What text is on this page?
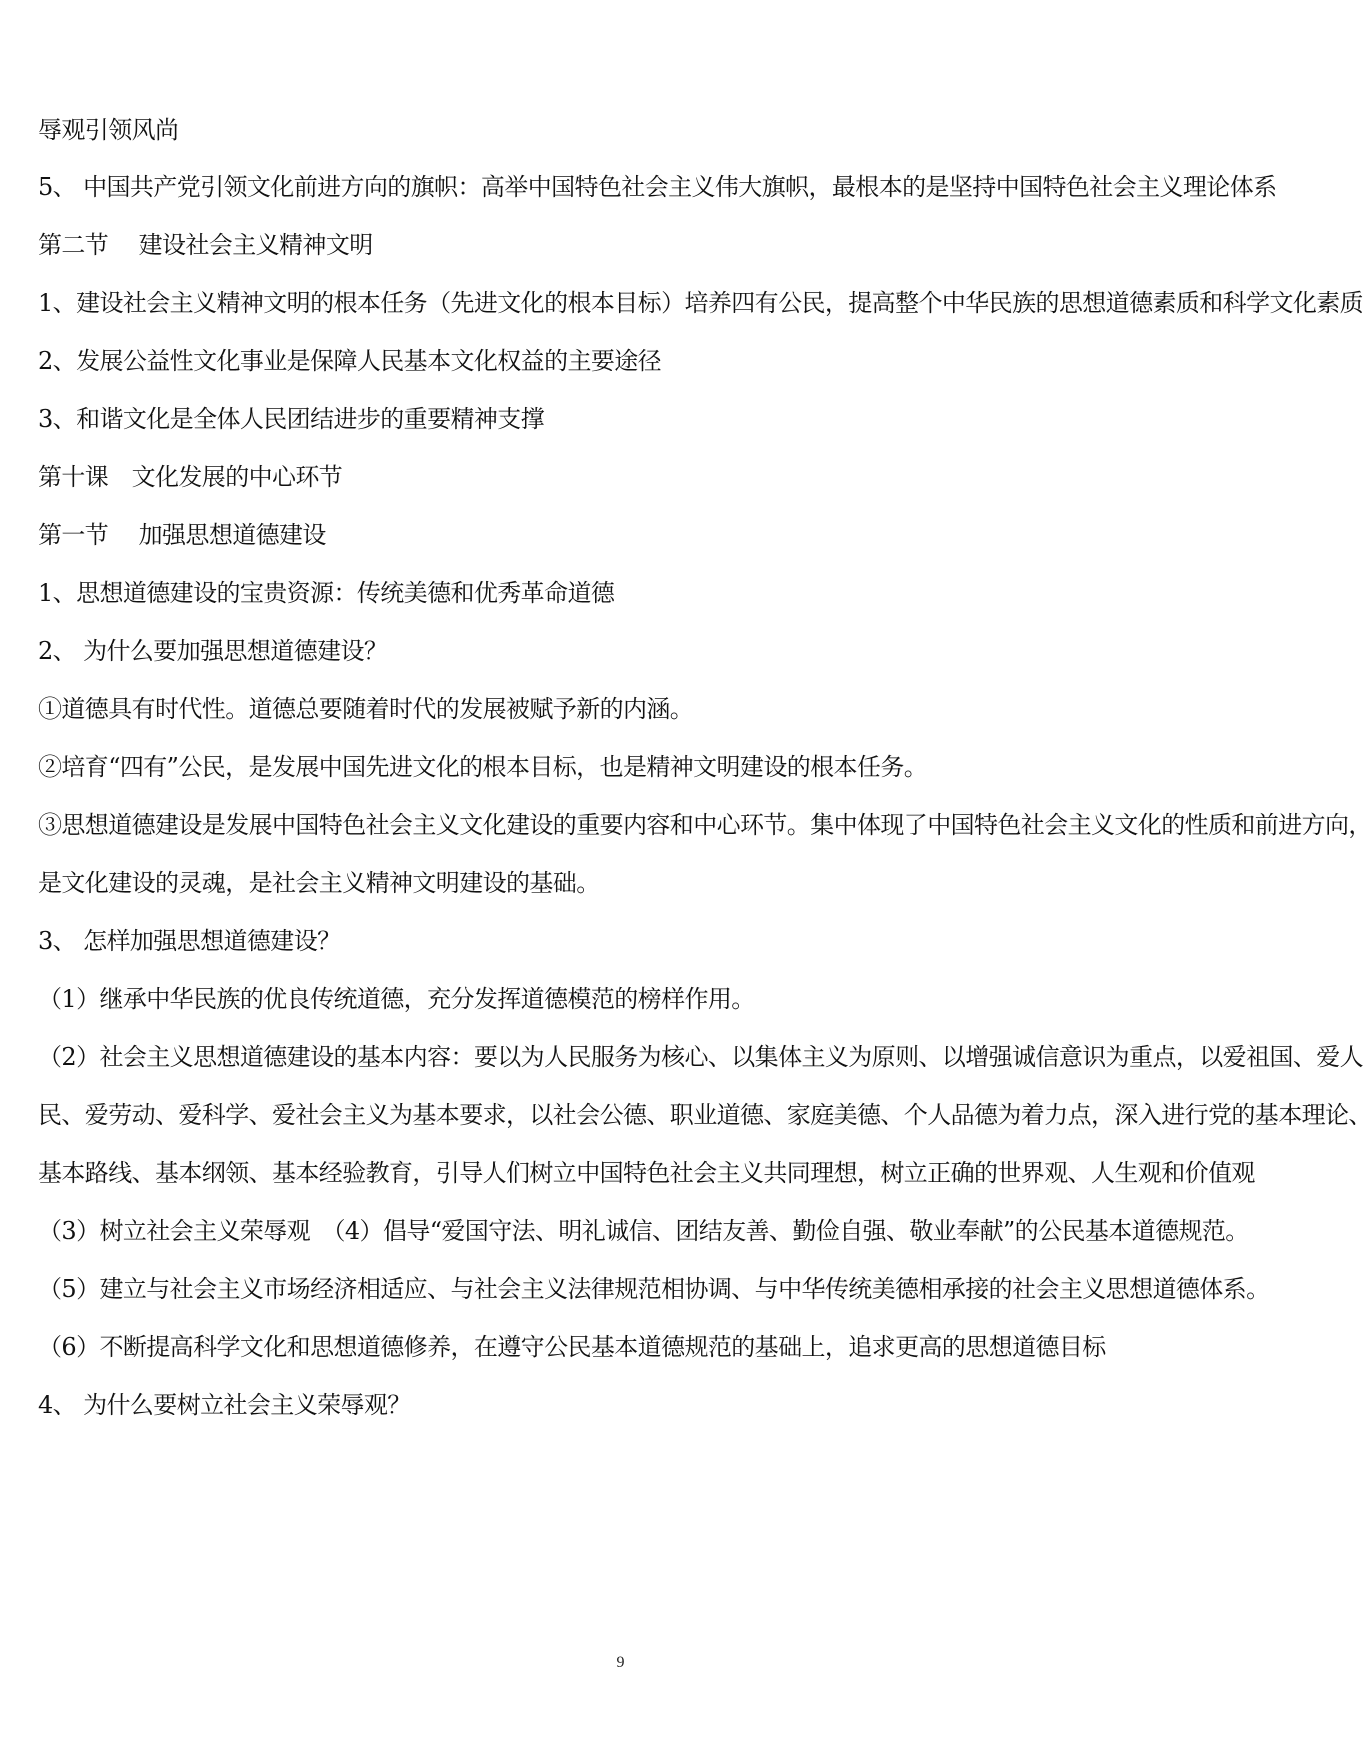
辱观引领风尚
5、 中国共产党引领文化前进方向的旗帜：高举中国特色社会主义伟大旗帜，最根本的是坚持中国特色社会主义理论体系
第二节　 建设社会主义精神文明
1、建设社会主义精神文明的根本任务（先进文化的根本目标）培养四有公民，提高整个中华民族的思想道德素质和科学文化素质
2、发展公益性文化事业是保障人民基本文化权益的主要途径
3、和谐文化是全体人民团结进步的重要精神支撑
第十课　文化发展的中心环节
第一节　 加强思想道德建设
1、思想道德建设的宝贵资源：传统美德和优秀革命道德
2、 为什么要加强思想道德建设？
①道德具有时代性。道德总要随着时代的发展被赋予新的内涵。
②培育“四有”公民，是发展中国先进文化的根本目标，也是精神文明建设的根本任务。
③思想道德建设是发展中国特色社会主义文化建设的重要内容和中心环节。集中体现了中国特色社会主义文化的性质和前进方向，
是文化建设的灵魂，是社会主义精神文明建设的基础。
3、 怎样加强思想道德建设？
（1）继承中华民族的优良传统道德，充分发挥道德模范的榜样作用。
（2）社会主义思想道德建设的基本内容：要以为人民服务为核心、以集体主义为原则、以增强诚信意识为重点，以爱祖国、爱人
民、爱劳动、爱科学、爱社会主义为基本要求，以社会公德、职业道德、家庭美德、个人品德为着力点，深入进行党的基本理论、
基本路线、基本纲领、基本经验教育，引导人们树立中国特色社会主义共同理想，树立正确的世界观、人生观和价值观
（3）树立社会主义荣辱观　（4）倡导“爱国守法、明礼诚信、团结友善、勤俭自强、敬业奉献”的公民基本道德规范。
（5）建立与社会主义市场经济相适应、与社会主义法律规范相协调、与中华传统美德相承接的社会主义思想道德体系。
（6）不断提高科学文化和思想道德修养，在遵守公民基本道德规范的基础上，追求更高的思想道德目标
4、 为什么要树立社会主义荣辱观？
9
